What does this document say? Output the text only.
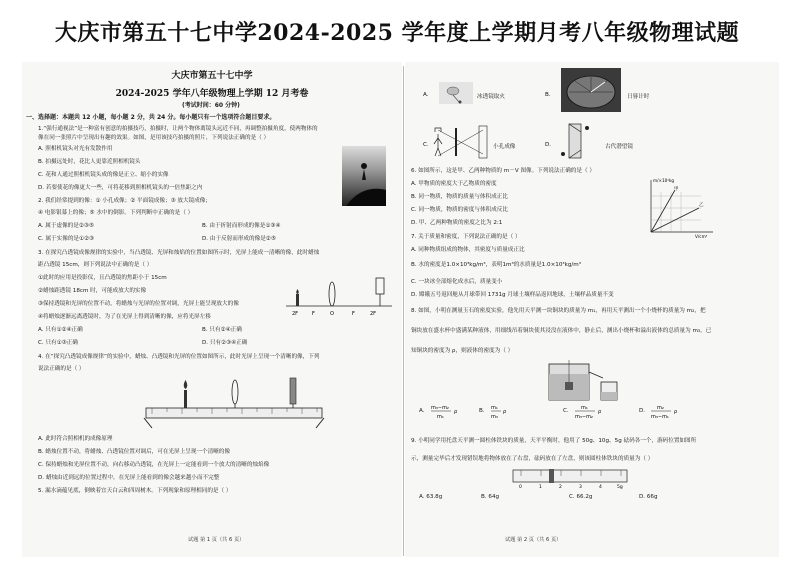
大庆市第五十七中学2024-2025 学年度上学期月考八年级物理试题
大庆市第五十七中学
2024-2025 学年八年级物理上学期 12 月考卷
(考试时间：60 分钟)
一、选择题：本题共 12 小题，每小题 2 分，共 24 分。每小题只有一个选项符合题目要求。
1.“强行通视法”是一种富有创意的拍摄技巧，拍摄时，让两个物体离镜头远近不同，再调整拍摄角度，使两物体的
像在同一张照片中呈现出有趣的效果。如图，是用该技巧拍摄的照片，下列说法正确的是（ ）
A. 照相机镜头对光有发散作用
B. 拍摄远处时，花比人更靠近照相机镜头
C. 花和人通过照相机镜头成的像是正立、缩小的实像
D. 若要使花的像更大一些，可将花移到照相机镜头的一倍焦距之内
2. 我们经常提到的像：① 小孔成像；② 平面镜成像；③ 放大镜成像；
④ 电影银幕上的像；⑤ 水中的倒影。下列判断中正确的是（ ）
A. 属于虚像的是②③⑤	B. 由于折射而形成的像是①③④
C. 属于实像的是①②③	D. 由于反射而形成的像是②⑤
3. 在探究凸透镜成像规律的实验中，当凸透镜、光屏和烛焰的位置如图所示时，光屏上能成一清晰的像，此时蜡烛
距凸透镜 15cm，则下列说法中正确的是（ ）
①此时的应用是投影仪，且凸透镜的焦距小于 15cm
②蜡烛距透镜 18cm 时，可能成放大的实像
③保持透镜和光屏的位置不动，将蜡烛与光屏的位置对调，光屏上能呈现放大的像
④将蜡烛逐渐远离透镜时，为了在光屏上得到清晰的像，应将光屏左移
A. 只有①②④正确	B. 只有②④正确
C. 只有①③正确	D. 只有②③④正确
2F	F	O	F	2F
4. 在“探究凸透镜成像规律”的实验中，蜡烛、凸透镜和光屏的位置如图所示，此时光屏上呈现一个清晰的像，下列
说法正确的是（ ）
A. 此时符合照相机的成像原理
B. 蜡烛位置不动，将蜡烛、凸透镜位置对调后，可在光屏上呈现一个清晰的像
C. 保持蜡烛和光屏位置不动，向右移动凸透镜，在光屏上一定能看到一个放大的清晰的烛焰像
D. 蜡烛由近到远的位置过程中，在光屏上能看到的像会越来越小而不完整
5. 漏水滴蕴见底，倒映着宜天白云和四周树木。下列现象和原理相同的是（ ）
试题 第 1 页（共 6 页）
A.	冰透镜取火	B.	日晷计时
C.	小孔成像	D.	古代潜望镜
6. 如图所示，这是甲、乙两种物质的 m－V 图像。下列说法正确的是（ ）
A. 甲物质的密度大于乙物质的密度
B. 同一物质，物质的质量与体积成正比
C. 同一物质，物质的密度与体积成反比
D. 甲、乙两种物质的密度之比为 2:1
m/×10²kg
V/cm³
甲
乙
7. 关于质量和密度，下列说法正确的是（ ）
A. 同种物质组成的物体，其密度与质量成正比
B. 水的密度是1.0×10³kg/m³，表明1m³的水质量是1.0×10³kg/m³
C. 一块冰全部熔化成水后，质量变小
D. 嫦娥五号返回舱从月球带回 1731g 月球土壤样品返回地球，土壤样品质量不变
8. 如图，小明在测量玉石的密度实验，他先用天平测一块铜块的质量为 m₁，再用天平测出一个小烧杯的质量为 m₂，把
铜块放在盛水杯中盛满某种液体，用细线吊着铜块使其浸没在液体中，静止后，测出小烧杯和溢出液体的总质量为 m₃，已
知铜块的密度为 ρ，则液体的密度为（ ）
A. m₃−m₂
m₁
ρ	B. m₁
m₃
ρ	C. m₁
m₃−m₂
ρ	D. m₂
m₃−m₁
ρ
9. 小明同学用托盘天平测一圆柱体铁块的质量，天平平衡时，他用了 50g、10g、5g 砝码各一个，游码位置如图所
示，测量完毕后才发现错误地将物体放在了右盘，砝码放在了左盘，则该圆柱体铁块的质量为（ ）
0	1	2	3	4	5g
A. 63.8g	B. 64g	C. 66.2g	D. 66g
试题 第 2 页（共 6 页）
